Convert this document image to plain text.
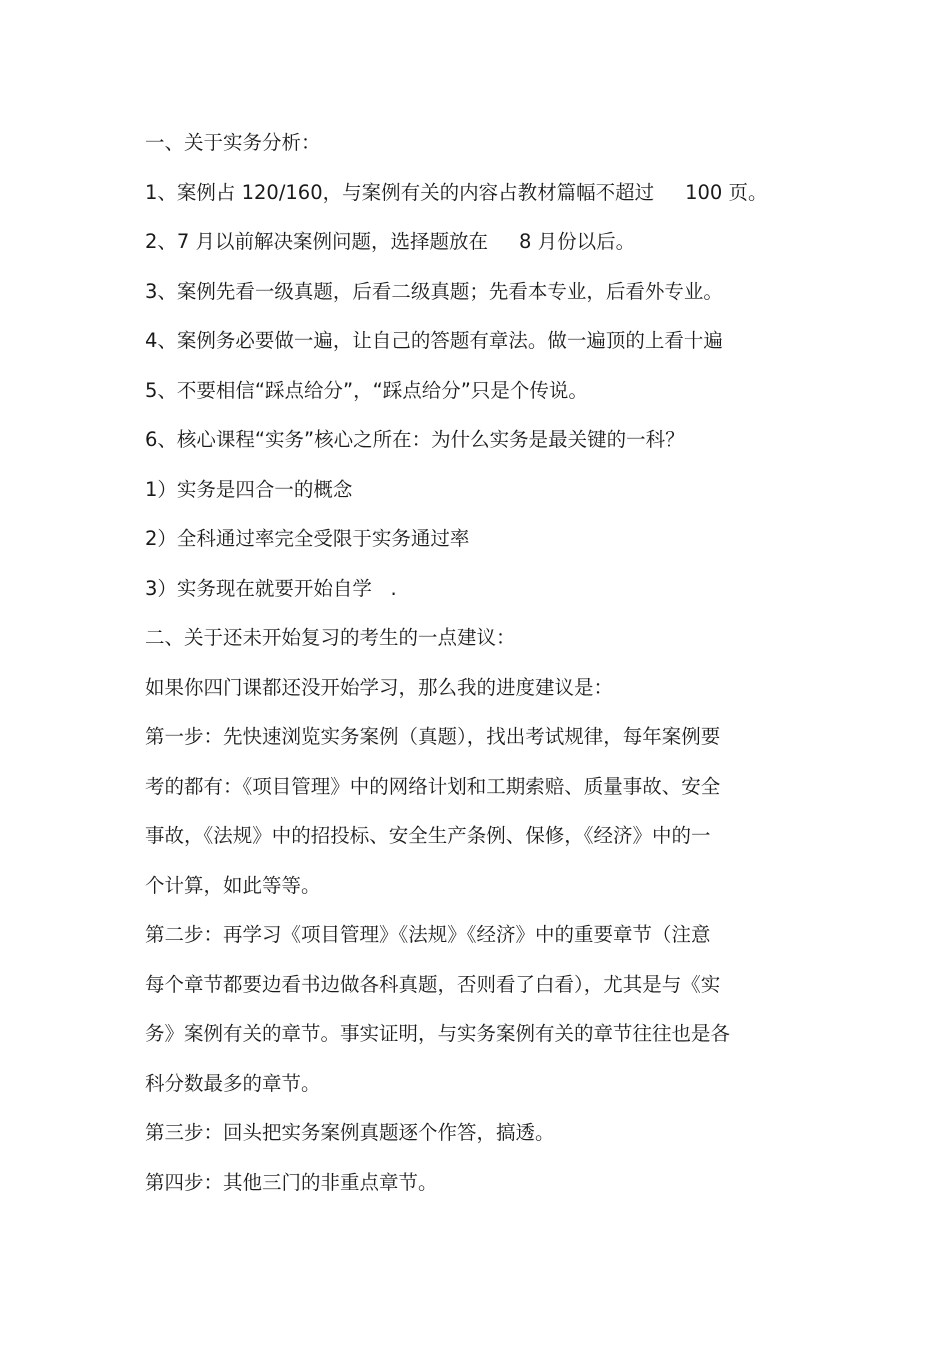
一、关于实务分析：
1、案例占 120/160，与案例有关的内容占教材篇幅不超过     100 页。
2、7 月以前解决案例问题，选择题放在     8 月份以后。
3、案例先看一级真题，后看二级真题；先看本专业，后看外专业。
4、案例务必要做一遍，让自己的答题有章法。做一遍顶的上看十遍
5、不要相信“踩点给分”，“踩点给分”只是个传说。
6、核心课程“实务”核心之所在：为什么实务是最关键的一科？
1）实务是四合一的概念
2）全科通过率完全受限于实务通过率
3）实务现在就要开始自学   .
二、关于还未开始复习的考生的一点建议：
如果你四门课都还没开始学习，那么我的进度建议是：
第一步：先快速浏览实务案例（真题），找出考试规律，每年案例要
考的都有：《项目管理》中的网络计划和工期索赔、质量事故、安全
事故，《法规》中的招投标、安全生产条例、保修，《经济》中的一
个计算，如此等等。
第二步：再学习《项目管理》《法规》《经济》中的重要章节（注意
每个章节都要边看书边做各科真题，否则看了白看），尤其是与《实
务》案例有关的章节。事实证明，与实务案例有关的章节往往也是各
科分数最多的章节。
第三步：回头把实务案例真题逐个作答，搞透。
第四步：其他三门的非重点章节。
